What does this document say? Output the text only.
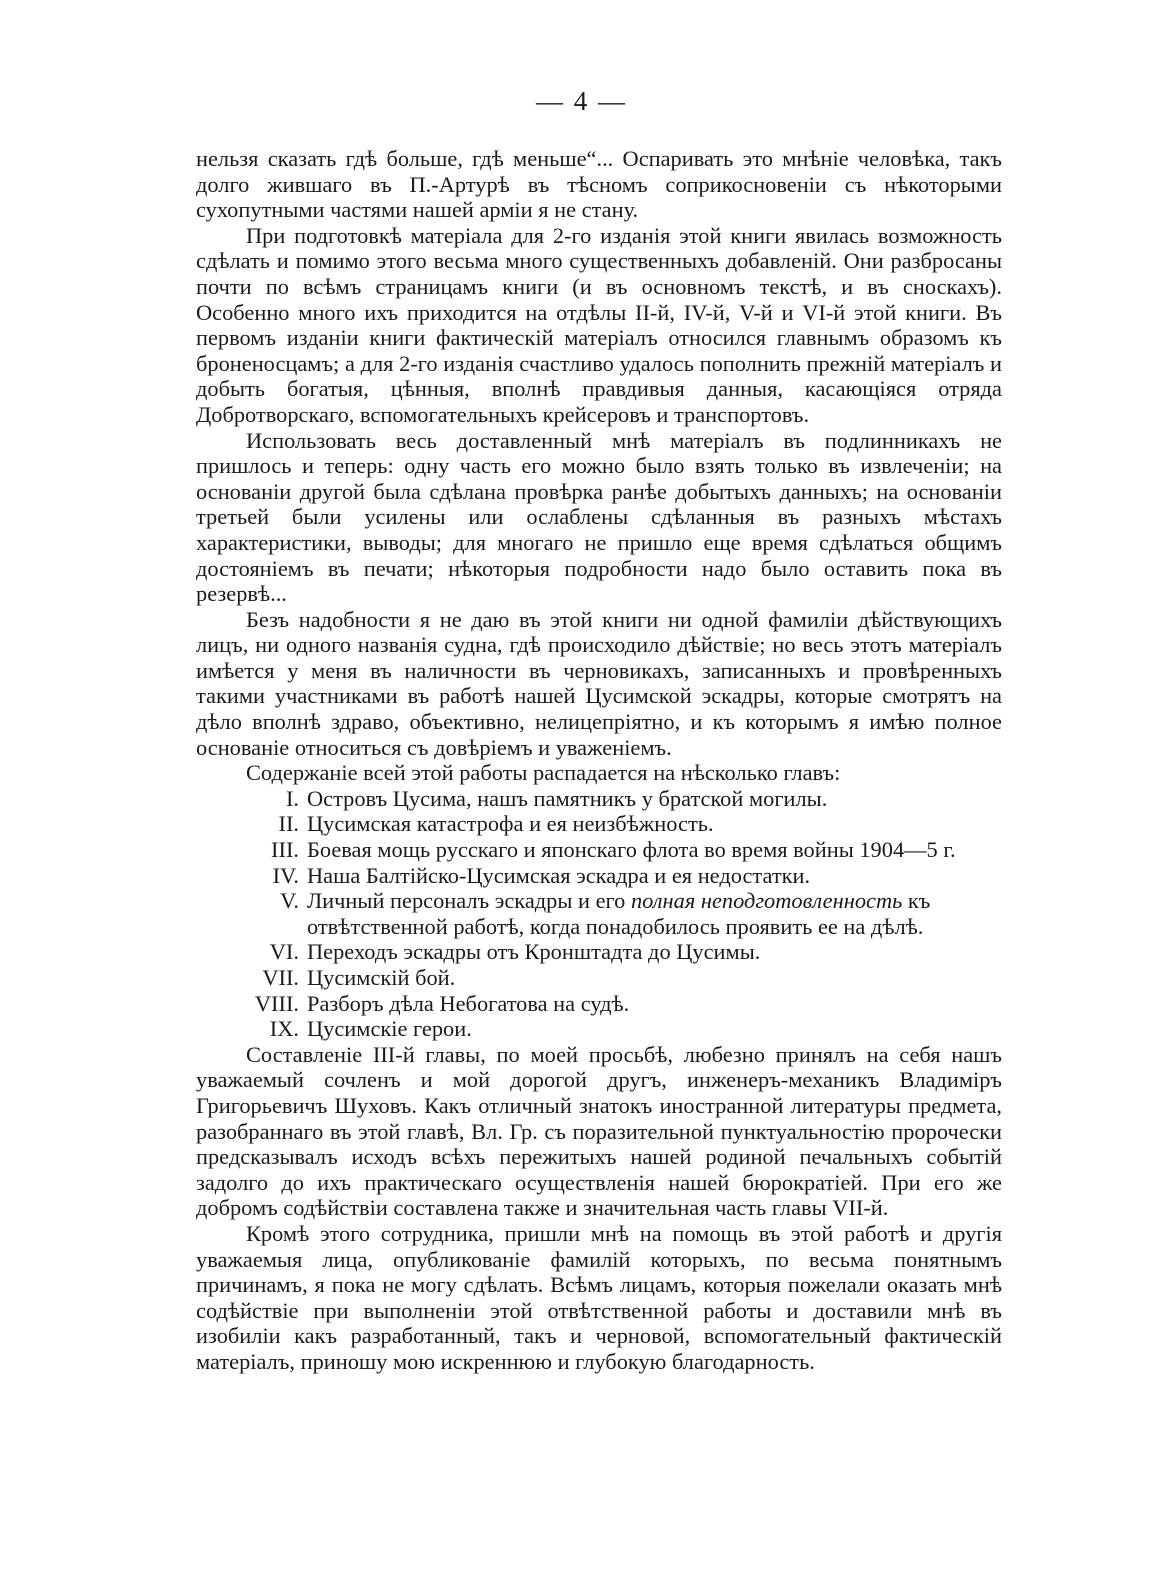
— 4 —

нельзя сказать гдѣ больше, гдѣ меньше“... Оспаривать это мнѣніе человѣка, такъ долго жившаго въ П.-Артурѣ въ тѣсномъ соприкосновеніи съ нѣкоторыми сухопутными частями нашей арміи я не стану.

При подготовкѣ матеріала для 2-го изданія этой книги явилась возможность сдѣлать и помимо этого весьма много существенныхъ добавленій. Они разбросаны почти по всѣмъ страницамъ книги (и въ основномъ текстѣ, и въ сноскахъ). Особенно много ихъ приходится на отдѣлы II-й, IV-й, V-й и VI-й этой книги. Въ первомъ изданіи книги фактическій матеріалъ относился главнымъ образомъ къ броненосцамъ; а для 2-го изданія счастливо удалось пополнить прежній матеріалъ и добыть богатыя, цѣнныя, вполнѣ правдивыя данныя, касающіяся отряда Добротворскаго, вспомогательныхъ крейсеровъ и транспортовъ.

Использовать весь доставленный мнѣ матеріалъ въ подлинникахъ не пришлось и теперь: одну часть его можно было взять только въ извлеченіи; на основаніи другой была сдѣлана провѣрка ранѣе добытыхъ данныхъ; на основаніи третьей были усилены или ослаблены сдѣланныя въ разныхъ мѣстахъ характеристики, выводы; для многаго не пришло еще время сдѣлаться общимъ достояніемъ въ печати; нѣкоторыя подробности надо было оставить пока въ резервѣ...

Безъ надобности я не даю въ этой книги ни одной фамиліи дѣйствующихъ лицъ, ни одного названія судна, гдѣ происходило дѣйствіе; но весь этотъ матеріалъ имѣется у меня въ наличности въ черновикахъ, записанныхъ и провѣренныхъ такими участниками въ работѣ нашей Цусимской эскадры, которые смотрятъ на дѣло вполнѣ здраво, объективно, нелицепріятно, и къ которымъ я имѣю полное основаніе относиться съ довѣріемъ и уваженіемъ.

Содержаніе всей этой работы распадается на нѣсколько главъ:

I. Островъ Цусима, нашъ памятникъ у братской могилы.
II. Цусимская катастрофа и ея неизбѣжность.
III. Боевая мощь русскаго и японскаго флота во время войны 1904—5 г.
IV. Наша Балтійско-Цусимская эскадра и ея недостатки.
V. Личный персоналъ эскадры и его полная неподготовленность къ отвѣтственной работѣ, когда понадобилось проявить ее на дѣлѣ.
VI. Переходъ эскадры отъ Кронштадта до Цусимы.
VII. Цусимскій бой.
VIII. Разборъ дѣла Небогатова на судѣ.
IX. Цусимскіе герои.

Составленіе III-й главы, по моей просьбѣ, любезно принялъ на себя нашъ уважаемый сочленъ и мой дорогой другъ, инженеръ-механикъ Владиміръ Григорьевичъ Шуховъ. Какъ отличный знатокъ иностранной литературы предмета, разобраннаго въ этой главѣ, Вл. Гр. съ поразительной пунктуальностію пророчески предсказывалъ исходъ всѣхъ пережитыхъ нашей родиной печальныхъ событій задолго до ихъ практическаго осуществленія нашей бюрократіей. При его же добромъ содѣйствіи составлена также и значительная часть главы VII-й.

Кромѣ этого сотрудника, пришли мнѣ на помощь въ этой работѣ и другія уважаемыя лица, опубликованіе фамилій которыхъ, по весьма понятнымъ причинамъ, я пока не могу сдѣлать. Всѣмъ лицамъ, которыя пожелали оказать мнѣ содѣйствіе при выполненіи этой отвѣтственной работы и доставили мнѣ въ изобиліи какъ разработанный, такъ и черновой, вспомогательный фактическій матеріалъ, приношу мою искреннюю и глубокую благодарность.
